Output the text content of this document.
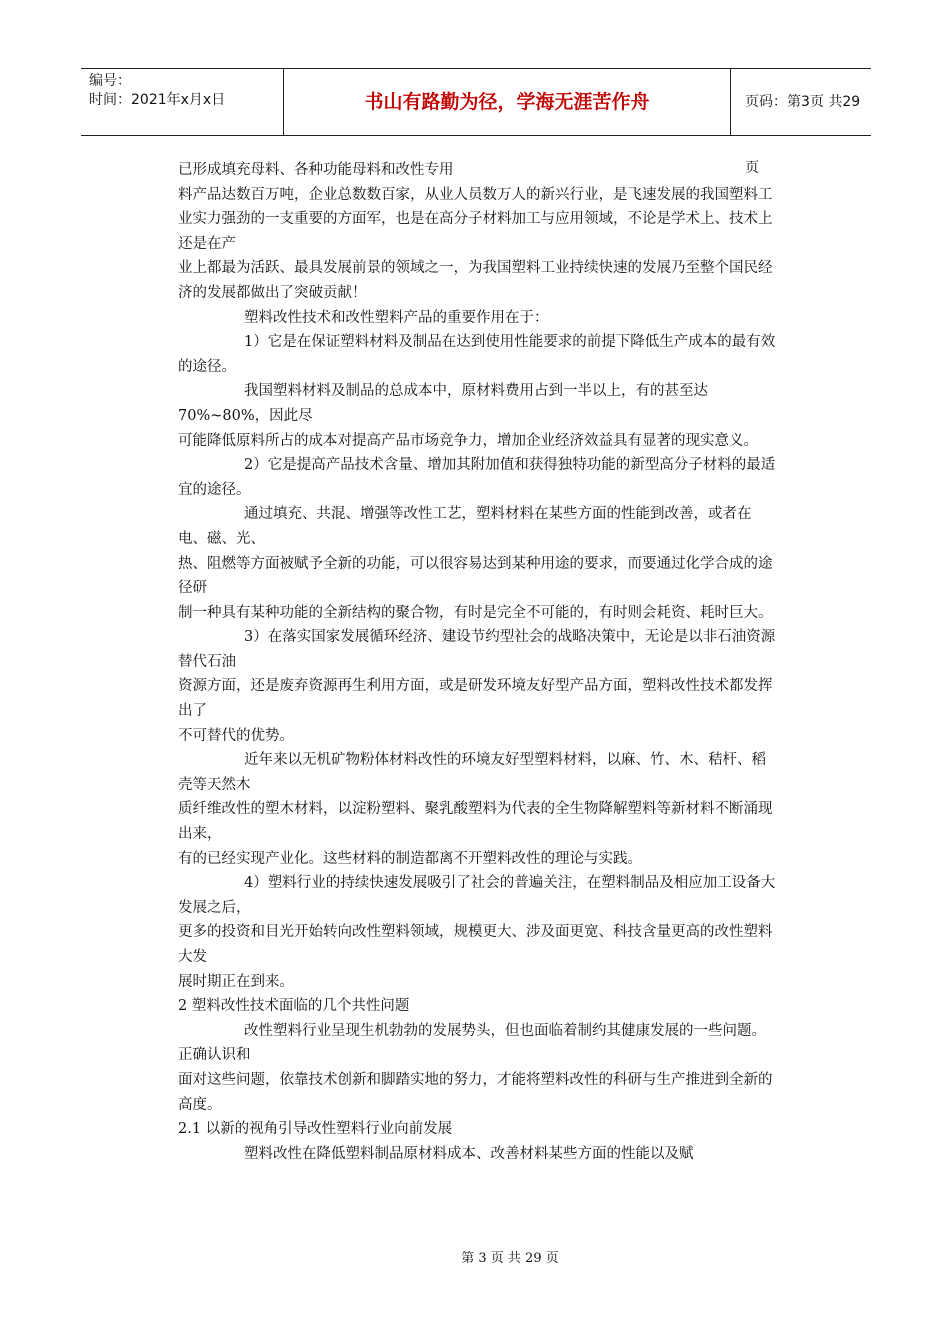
编号：
时间：2021年x月x日	书山有路勤为径，学海无涯苦作舟	页码：第3页 共29页

已形成填充母料、各种功能母料和改性专用

料产品达数百万吨，企业总数数百家，从业人员数万人的新兴行业，是飞速发展的我国塑料工业实力强劲的一支重要的方面军，也是在高分子材料加工与应用领域，不论是学术上、技术上还是在产

业上都最为活跃、最具发展前景的领域之一，为我国塑料工业持续快速的发展乃至整个国民经济的发展都做出了突破贡献！

塑料改性技术和改性塑料产品的重要作用在于：

1）它是在保证塑料材料及制品在达到使用性能要求的前提下降低生产成本的最有效的途径。

我国塑料材料及制品的总成本中，原材料费用占到一半以上，有的甚至达 70%~80%，因此尽

可能降低原料所占的成本对提高产品市场竞争力，增加企业经济效益具有显著的现实意义。

2）它是提高产品技术含量、增加其附加值和获得独特功能的新型高分子材料的最适宜的途径。

通过填充、共混、增强等改性工艺，塑料材料在某些方面的性能到改善，或者在电、磁、光、

热、阻燃等方面被赋予全新的功能，可以很容易达到某种用途的要求，而要通过化学合成的途径研

制一种具有某种功能的全新结构的聚合物，有时是完全不可能的，有时则会耗资、耗时巨大。

3）在落实国家发展循环经济、建设节约型社会的战略决策中，无论是以非石油资源替代石油

资源方面，还是废弃资源再生利用方面，或是研发环境友好型产品方面，塑料改性技术都发挥出了

不可替代的优势。

近年来以无机矿物粉体材料改性的环境友好型塑料材料，以麻、竹、木、秸杆、稻壳等天然木

质纤维改性的塑木材料，以淀粉塑料、聚乳酸塑料为代表的全生物降解塑料等新材料不断涌现出来，

有的已经实现产业化。这些材料的制造都离不开塑料改性的理论与实践。

4）塑料行业的持续快速发展吸引了社会的普遍关注，在塑料制品及相应加工设备大发展之后，

更多的投资和目光开始转向改性塑料领域，规模更大、涉及面更宽、科技含量更高的改性塑料大发

展时期正在到来。

2 塑料改性技术面临的几个共性问题

改性塑料行业呈现生机勃勃的发展势头，但也面临着制约其健康发展的一些问题。正确认识和

面对这些问题，依靠技术创新和脚踏实地的努力，才能将塑料改性的科研与生产推进到全新的高度。

2.1 以新的视角引导改性塑料行业向前发展

塑料改性在降低塑料制品原材料成本、改善材料某些方面的性能以及赋

第 3 页 共 29 页
